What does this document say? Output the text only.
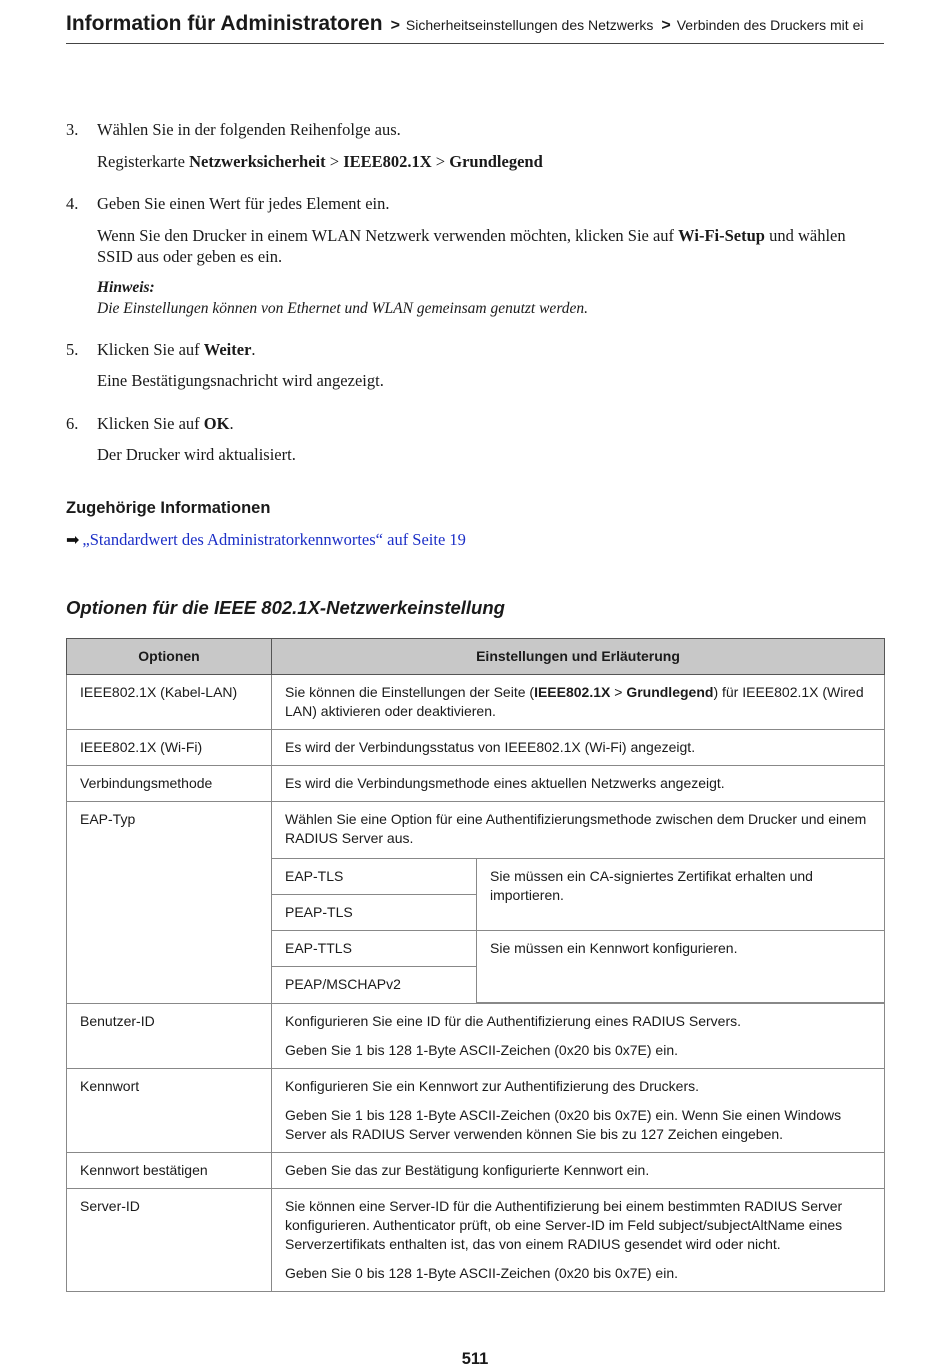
Information für Administratoren > Sicherheitseinstellungen des Netzwerks > Verbinden des Druckers mit ei
3. Wählen Sie in der folgenden Reihenfolge aus.

Registerkarte Netzwerksicherheit > IEEE802.1X > Grundlegend

4. Geben Sie einen Wert für jedes Element ein.

Wenn Sie den Drucker in einem WLAN Netzwerk verwenden möchten, klicken Sie auf Wi-Fi-Setup und wählen SSID aus oder geben es ein.

Hinweis:

Die Einstellungen können von Ethernet und WLAN gemeinsam genutzt werden.

5. Klicken Sie auf Weiter.

Eine Bestätigungsnachricht wird angezeigt.

6. Klicken Sie auf OK.

Der Drucker wird aktualisiert.

Zugehörige Informationen
➡ „Standardwert des Administratorkennwortes“ auf Seite 19
Optionen für die IEEE 802.1X-Netzwerkeinstellung
Optionen	Einstellungen und Erläuterung
IEEE802.1X (Kabel-LAN)	Sie können die Einstellungen der Seite (IEEE802.1X > Grundlegend) für IEEE802.1X (Wired LAN) aktivieren oder deaktivieren.
IEEE802.1X (Wi-Fi)	Es wird der Verbindungsstatus von IEEE802.1X (Wi-Fi) angezeigt.
Verbindungsmethode	Es wird die Verbindungsmethode eines aktuellen Netzwerks angezeigt.
EAP-Typ	Wählen Sie eine Option für eine Authentifizierungsmethode zwischen dem Drucker und einem RADIUS Server aus.
EAP-TLS	Sie müssen ein CA-signiertes Zertifikat erhalten und importieren.
PEAP-TLS
EAP-TTLS	Sie müssen ein Kennwort konfigurieren.
PEAP/MSCHAPv2

Benutzer-ID	Konfigurieren Sie eine ID für die Authentifizierung eines RADIUS Servers.

Geben Sie 1 bis 128 1-Byte ASCII-Zeichen (0x20 bis 0x7E) ein.

Kennwort	Konfigurieren Sie ein Kennwort zur Authentifizierung des Druckers.

Geben Sie 1 bis 128 1-Byte ASCII-Zeichen (0x20 bis 0x7E) ein. Wenn Sie einen Windows Server als RADIUS Server verwenden können Sie bis zu 127 Zeichen eingeben.

Kennwort bestätigen	Geben Sie das zur Bestätigung konfigurierte Kennwort ein.
Server-ID	Sie können eine Server-ID für die Authentifizierung bei einem bestimmten RADIUS Server konfigurieren. Authenticator prüft, ob eine Server-ID im Feld subject/subjectAltName eines Serverzertifikats enthalten ist, das von einem RADIUS gesendet wird oder nicht.

Geben Sie 0 bis 128 1-Byte ASCII-Zeichen (0x20 bis 0x7E) ein.

511
